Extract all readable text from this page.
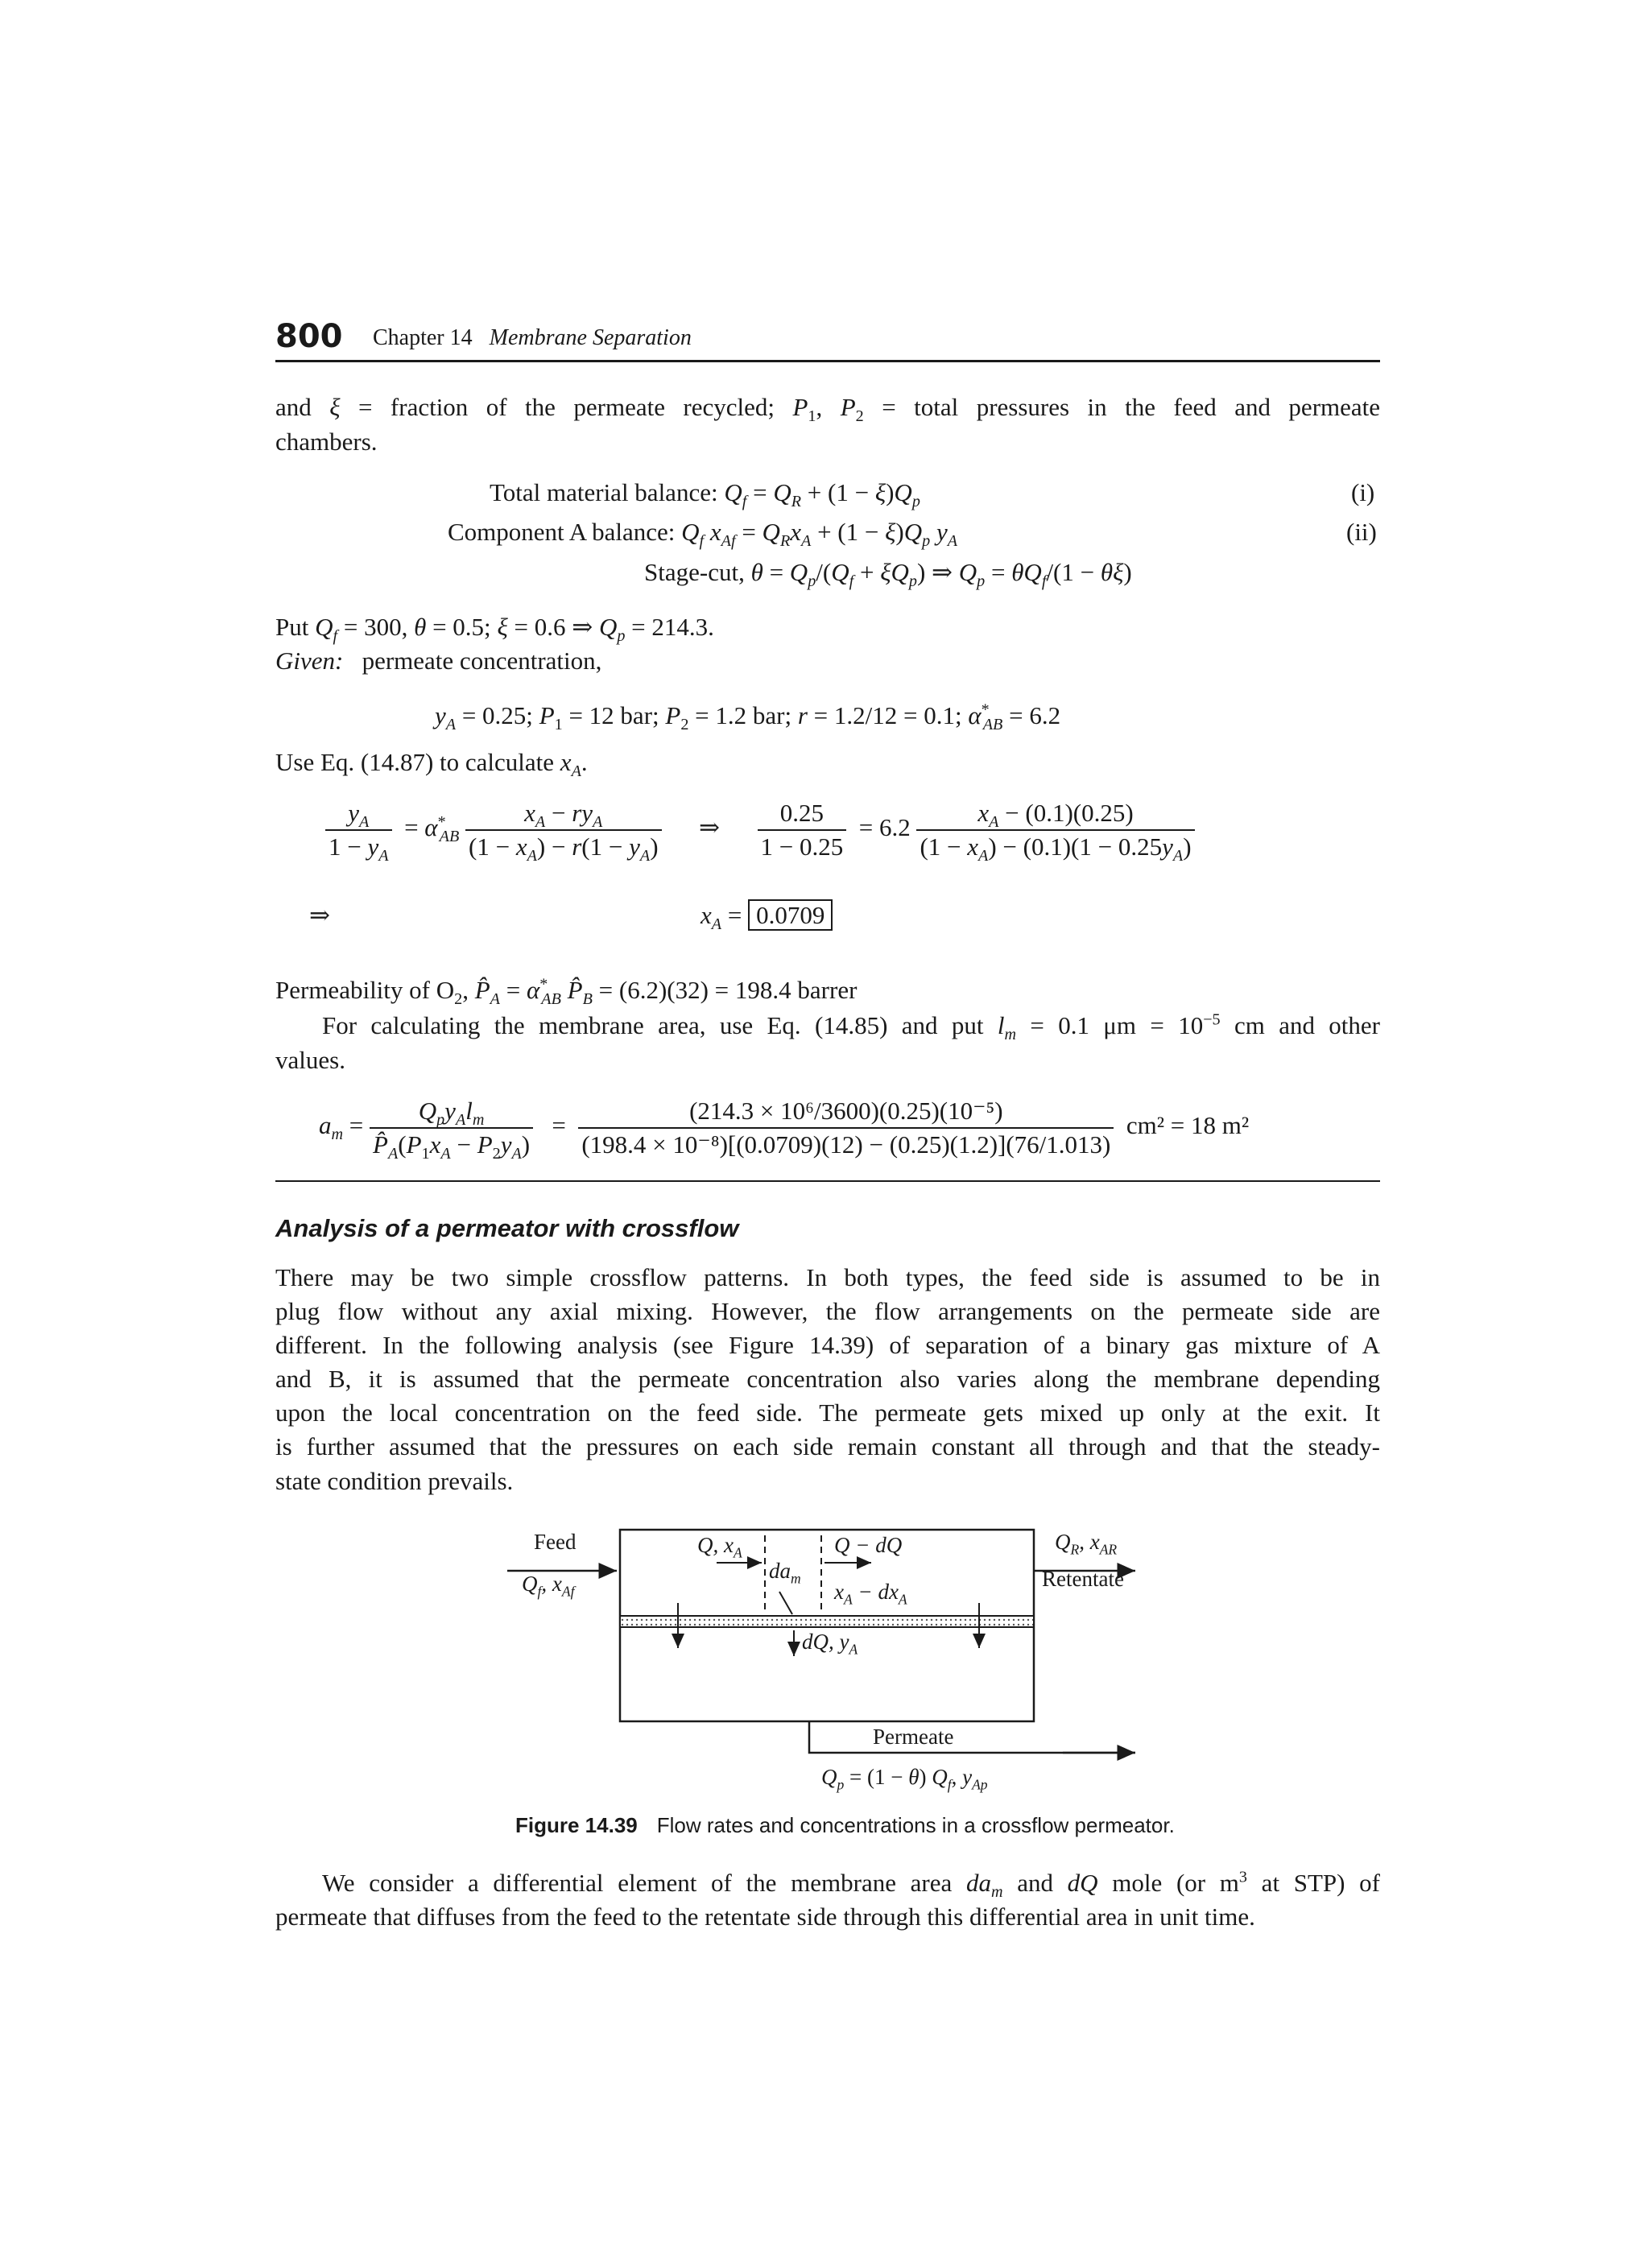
800 Chapter 14 Membrane Separation
and ξ = fraction of the permeate recycled; $P_1$, $P_2$ = total pressures in the feed and permeate
chambers.
Total material balance: $Q_f = Q_R + (1 - \xi)Q_p$	(i)
Component A balance: $Q_f$ $x_{Af} = Q_Rx_A + (1 - \xi)Q_p$ $y_A$	(ii)
Stage-cut, $\theta = Q_p/(Q_f + \xi Q_p)$ ⇒ $Q_p = \theta Q_f/(1 - \theta\xi)$
Put $Q_f = 300$, θ = 0.5; ξ = 0.6 ⇒ $Q_p = 214.3$.
Given: permeate concentration,
$y_A = 0.25$; $P_1 = 12$ bar; $P_2 = 1.2$ bar; r = 1.2/12 = 0.1; $\alpha^*_{AB} = 6.2$
Use Eq. (14.87) to calculate $x_A$.
$\frac{y_A}{1 - y_A} = \alpha^*_{AB} \frac{x_A - ry_A}{(1 - x_A) - r(1 - y_A)}$ ⇒ $\frac{0.25}{1 - 0.25} = 6.2 \frac{x_A - (0.1)(0.25)}{(1 - x_A) - (0.1)(1 - 0.25y_A)}$
⇒	$x_A = 0.0709$
Permeability of $O_2$, $P̂_A = \alpha^*_{AB}$ $P̂_B = (6.2)(32) = 198.4$ barrer
For calculating the membrane area, use Eq. (14.85) and put $l_m = 0.1$ $\mu m = 10^{-5}$ cm and other
values.
$a_m = \frac{Q_py_Al_m}{P̂_A(P_1x_A - P_2y_A)} = \frac{\text{(214.3 × 10⁶/3600)(0.25)(10⁻⁵)}}{\text{(198.4 × 10⁻⁸)[(0.0709)(12) − (0.25)(1.2)](76/1.013)}} cm^2 = 18$ m²
Analysis of a permeator with crossflow
There may be two simple crossflow patterns. In both types, the feed side is assumed to be in
plug flow without any axial mixing. However, the flow arrangements on the permeate side are
different. In the following analysis (see Figure 14.39) of separation of a binary gas mixture of A
and B, it is assumed that the permeate concentration also varies along the membrane depending
upon the local concentration on the feed side. The permeate gets mixed up only at the exit. It
is further assumed that the pressures on each side remain constant all through and that the steady-
state condition prevails.
Feed
$Q_f$, $x_{Af}$
Q, $x_A$	Q − dQ
$da_m$
$x_A - dx_A$
dQ, $y_A$
$Q_R$, $x_{AR}$
Retentate
Permeate
$Q_p = (1 - \theta)$ $Q_f$, $y_{Ap}$
Figure 14.39 Flow rates and concentrations in a crossflow permeator.
We consider a differential element of the membrane area $da_m$ and dQ mole (or $m^3$ at STP) of
permeate that diffuses from the feed to the retentate side through this differential area in unit time.
